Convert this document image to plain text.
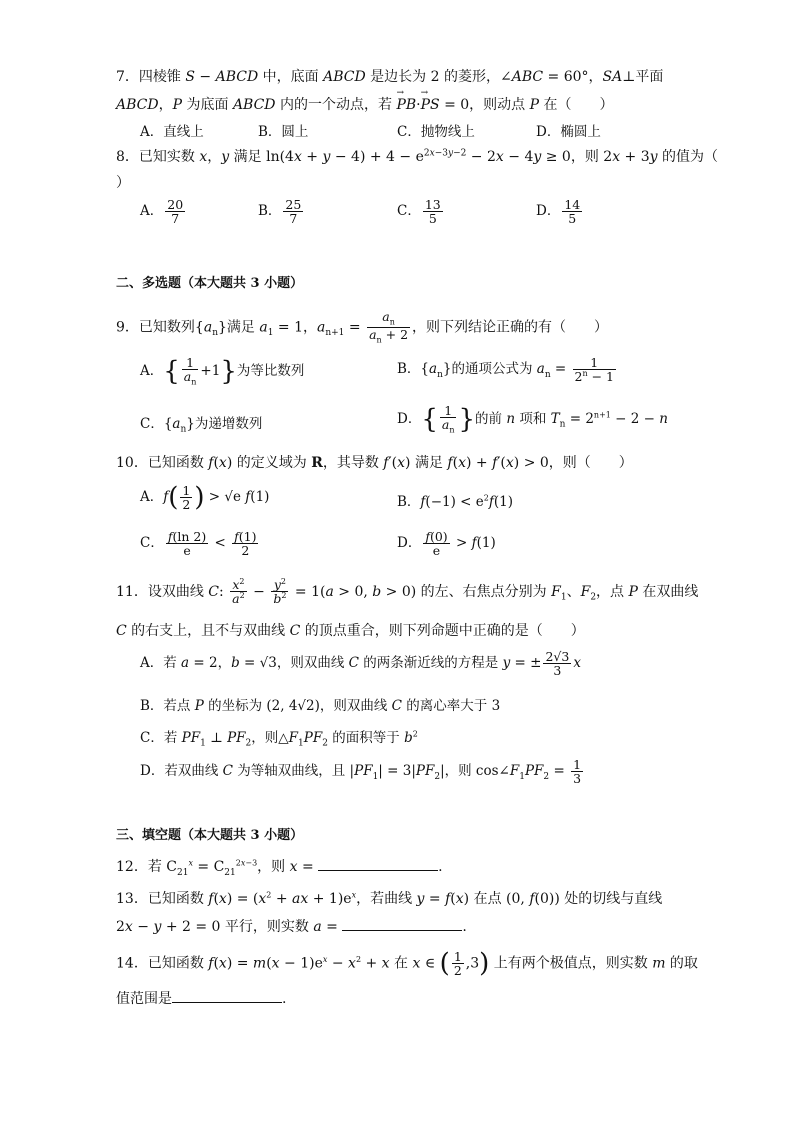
7．四棱锥 S − ABCD 中，底面 ABCD 是边长为 2 的菱形，∠ABC = 60°，SA⊥平面
ABCD，P 为底面 ABCD 内的一个动点，若 → PB·→ PS = 0，则动点 P 在（　　）
A．直线上	B．圆上	C．抛物线上	D．椭圆上
8．已知实数 x，y 满足 $\ln(4x + y - 4) + 4 - e^{2x-3y-2} - 2x - 4y \ge 0$，则 2x + 3y 的值为（
）
A． $\frac{20}{7}$	B． $\frac{25}{7}$	C． $\frac{13}{5}$	D． $\frac{14}{5}$
二、多选题（本大题共 3 小题）
9．已知数列$\{a_n\}$满足 $a_1 = 1$，$a_{n+1} = \frac{a_n}{a_n + 2}$ ，则下列结论正确的有（　　）
A．{ $\frac{1}{a_n} +1$}为等比数列	B．$\{a_n\}$的通项公式为 $a_n = \frac{1}{2^n - 1}$
C．$\{a_n\}$为递增数列	D．{ $\frac{1}{a_n}$ }的前 n 项和 $T_n = 2^{n+1} - 2 - n$
10．已知函数 f(x) 的定义域为 R，其导数 f′(x) 满足 f(x) + f′(x) > 0，则（　　）
A．$f( \frac{1}{2}$ ) > √e f(1)	B．$f(-1) < e^2f(1)$
C． $\frac{f(\ln 2)}{e} < \frac{f(1)}{2}$	D． $\frac{f(0)}{e} > f(1)$
11．设双曲线 C: $\frac{x^2}{a^2} - \frac{y^2}{b^2} = 1(a > 0$, b > 0) 的左、右焦点分别为 $F_1$、$F_2$，点 P 在双曲线
C 的右支上，且不与双曲线 C 的顶点重合，则下列命题中正确的是（　　）
A．若 a = 2，b = √3，则双曲线 C 的两条渐近线的方程是 y = ± $\frac{2√3}{3}$ x
B．若点 P 的坐标为 (2, 4√2)，则双曲线 C 的离心率大于 3
C．若 $PF_1$ ⊥ $PF_2$，则$\triangle F_1PF_2$ 的面积等于 $b^2$
D．若双曲线 C 为等轴双曲线，且 $|PF_1| = 3|PF_2|$，则 $\cos\angle F_1PF_2 = \frac{1}{3}$
三、填空题（本大题共 3 小题）
12．若 $C_{21}^x = C_{21}^{2x-3}$，则 x =	.
13．已知函数 $f(x) = (x^2$ + ax + $1)e^x$，若曲线 y = f(x) 在点 (0, f(0)) 处的切线与直线
2x − y + 2 = 0 平行，则实数 a =	.
14．已知函数 $f(x) = m(x - 1)e^x - x^2 + x$ 在 x ∈ ( $\frac{1}{2} ,3$) 上有两个极值点，则实数 m 的取
值范围是	.
